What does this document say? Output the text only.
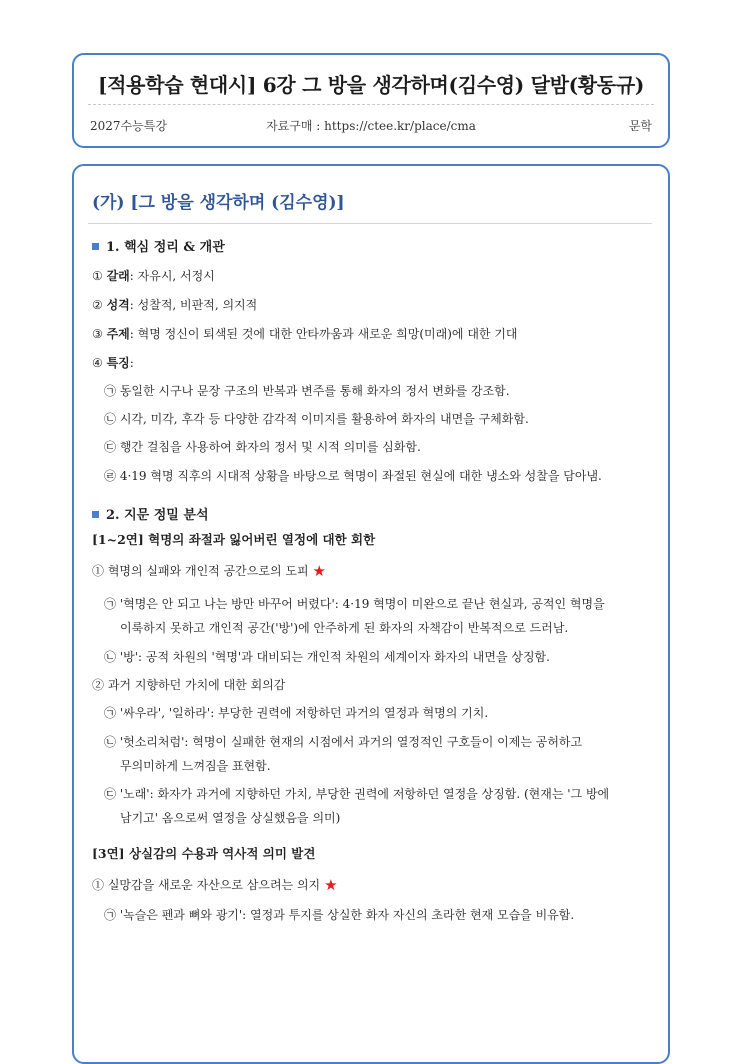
[적용학습 현대시] 6강 그 방을 생각하며(김수영) 달밤(황동규)
2027수능특강	자료구매 : https://ctee.kr/place/cma	문학
(가) [그 방을 생각하며 (김수영)]
1. 핵심 정리 & 개관
① 갈래: 자유시, 서정시
② 성격: 성찰적, 비판적, 의지적
③ 주제: 혁명 정신이 퇴색된 것에 대한 안타까움과 새로운 희망(미래)에 대한 기대
④ 특징:
㉠ 동일한 시구나 문장 구조의 반복과 변주를 통해 화자의 정서 변화를 강조함.
㉡ 시각, 미각, 후각 등 다양한 감각적 이미지를 활용하여 화자의 내면을 구체화함.
㉢ 행간 걸침을 사용하여 화자의 정서 및 시적 의미를 심화함.
㉣ 4·19 혁명 직후의 시대적 상황을 바탕으로 혁명이 좌절된 현실에 대한 냉소와 성찰을 담아냄.
2. 지문 정밀 분석
[1~2연] 혁명의 좌절과 잃어버린 열정에 대한 회한
① 혁명의 실패와 개인적 공간으로의 도피 ★
㉠ '혁명은 안 되고 나는 방만 바꾸어 버렸다': 4·19 혁명이 미완으로 끝난 현실과, 공적인 혁명을
이룩하지 못하고 개인적 공간('방')에 안주하게 된 화자의 자책감이 반복적으로 드러남.
㉡ '방': 공적 차원의 '혁명'과 대비되는 개인적 차원의 세계이자 화자의 내면을 상징함.
② 과거 지향하던 가치에 대한 회의감
㉠ '싸우라', '일하라': 부당한 권력에 저항하던 과거의 열정과 혁명의 기치.
㉡ '헛소리처럼': 혁명이 실패한 현재의 시점에서 과거의 열정적인 구호들이 이제는 공허하고
무의미하게 느껴짐을 표현함.
㉢ '노래': 화자가 과거에 지향하던 가치, 부당한 권력에 저항하던 열정을 상징함. (현재는 '그 방에
남기고' 옴으로써 열정을 상실했음을 의미)
[3연] 상실감의 수용과 역사적 의미 발견
① 실망감을 새로운 자산으로 삼으려는 의지 ★
㉠ '녹슬은 펜과 뼈와 광기': 열정과 투지를 상실한 화자 자신의 초라한 현재 모습을 비유함.
